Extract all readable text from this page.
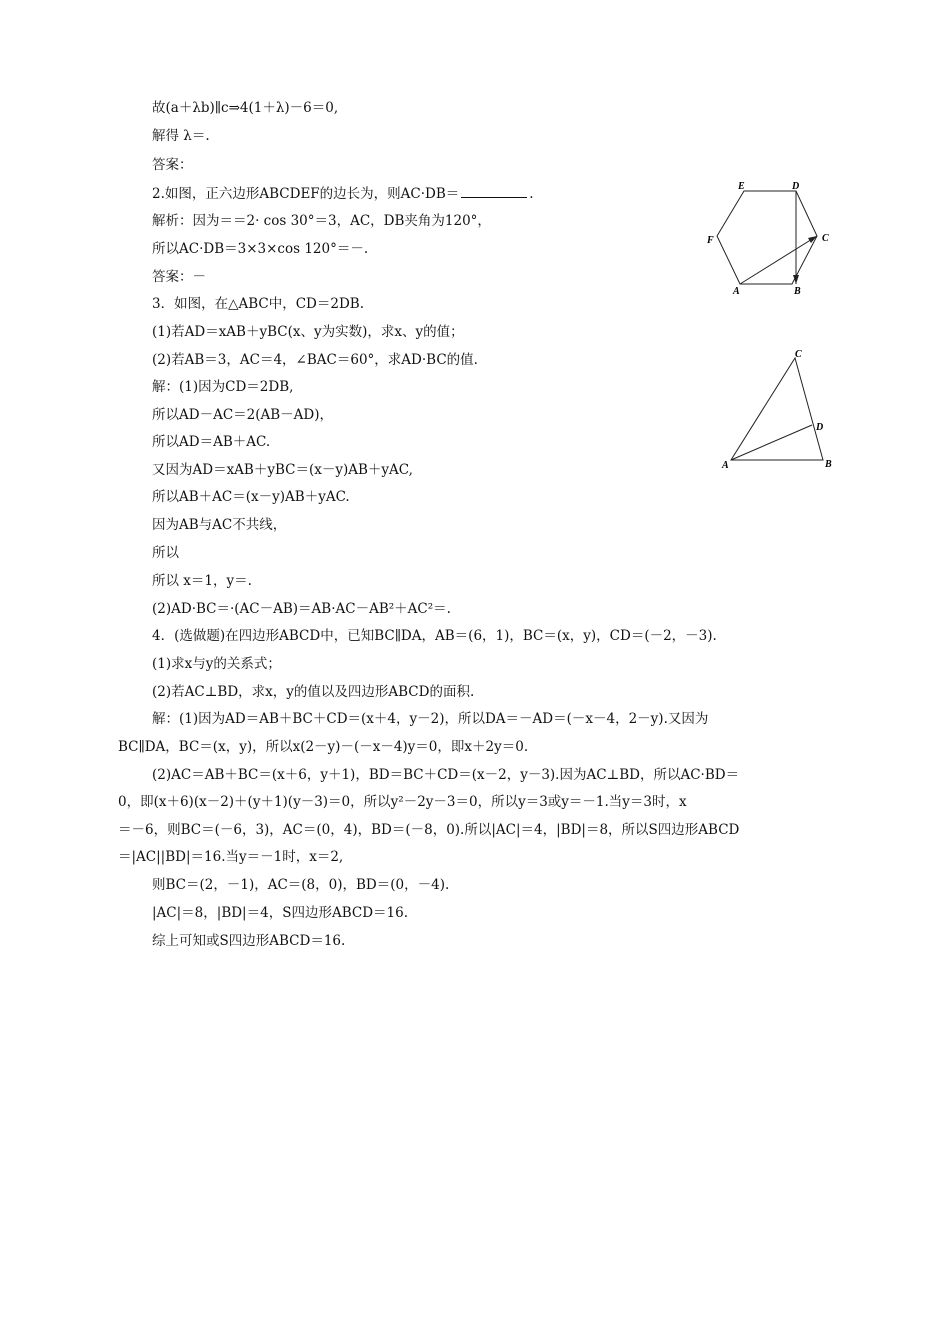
故(a＋λb)∥c⇒4(1＋λ)－6＝0,
解得 λ＝.
答案：
2.如图，正六边形ABCDEF的边长为，则AC·DB＝	.
解析：因为＝＝2· cos 30°＝3，AC，DB夹角为120°，
所以AC·DB＝3×3×cos 120°＝－.
答案：－
3．如图，在△ABC中，CD＝2DB.
(1)若AD＝xAB＋yBC(x、y为实数)，求x、y的值；
(2)若AB＝3，AC＝4，∠BAC＝60°，求AD·BC的值.
解：(1)因为CD＝2DB,
所以AD－AC＝2(AB－AD)，
所以AD＝AB＋AC.
又因为AD＝xAB＋yBC＝(x－y)AB＋yAC,
所以AB＋AC＝(x－y)AB＋yAC.
因为AB与AC不共线，
所以
所以 x＝1，y＝.
(2)AD·BC＝·(AC－AB)＝AB·AC－AB²＋AC²＝.
4．(选做题)在四边形ABCD中，已知BC∥DA，AB＝(6，1)，BC＝(x，y)，CD＝(－2，－3).
(1)求x与y的关系式；
(2)若AC⊥BD，求x，y的值以及四边形ABCD的面积.
解：(1)因为AD＝AB＋BC＋CD＝(x＋4，y－2)，所以DA＝－AD＝(－x－4，2－y).又因为
BC∥DA，BC＝(x，y)，所以x(2－y)－(－x－4)y＝0，即x＋2y＝0.
(2)AC＝AB＋BC＝(x＋6，y＋1)，BD＝BC＋CD＝(x－2，y－3).因为AC⊥BD，所以AC·BD＝
0，即(x＋6)(x－2)＋(y＋1)(y－3)＝0，所以y²－2y－3＝0，所以y＝3或y＝－1.当y＝3时，x
＝－6，则BC＝(－6，3)，AC＝(0，4)，BD＝(－8，0).所以|AC|＝4，|BD|＝8，所以S四边形ABCD
＝|AC||BD|＝16.当y＝－1时，x＝2,
则BC＝(2，－1)，AC＝(8，0)，BD＝(0，－4).
|AC|＝8，|BD|＝4，S四边形ABCD＝16.
综上可知或S四边形ABCD＝16.
E	D
F	C
A	B
C
D
A	B
